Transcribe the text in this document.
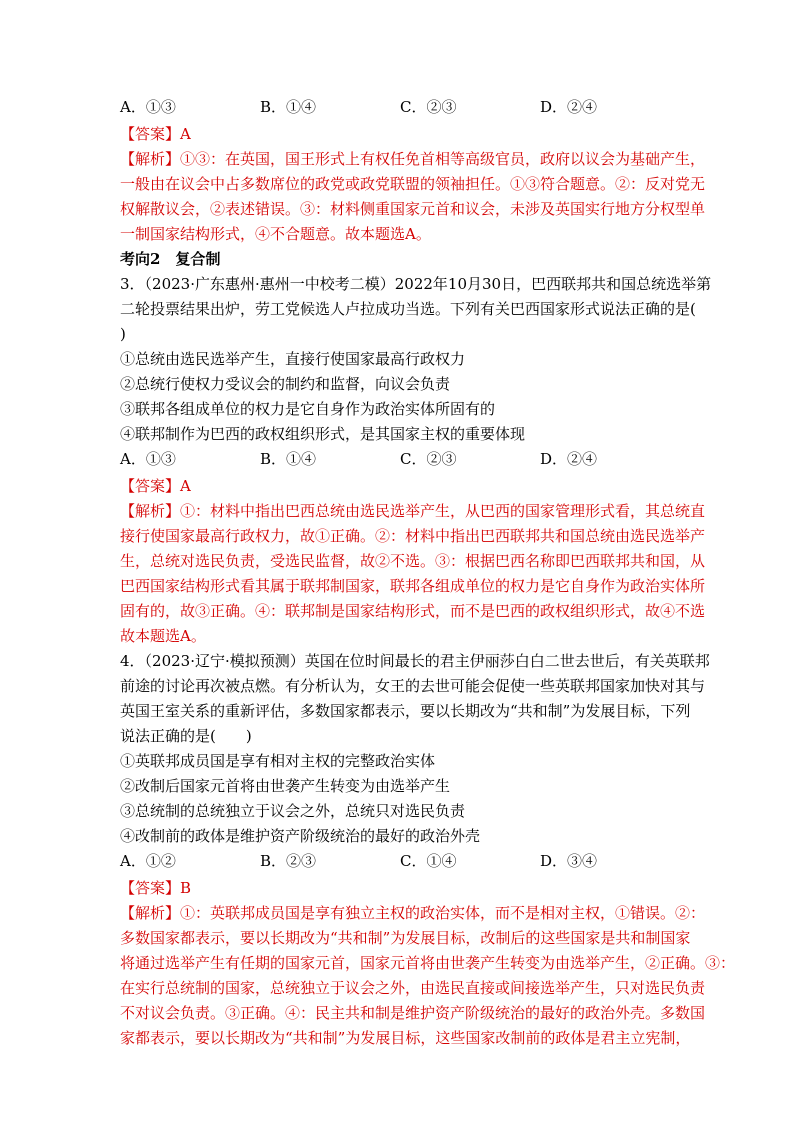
A．①③	B．①④	C．②③	D．②④
【答案】A
【解析】①③：在英国，国王形式上有权任免首相等高级官员，政府以议会为基础产生，
一般由在议会中占多数席位的政党或政党联盟的领袖担任。①③符合题意。②：反对党无
权解散议会，②表述错误。③：材料侧重国家元首和议会，未涉及英国实行地方分权型单
一制国家结构形式，④不合题意。故本题选A。
考向2　复合制
3．（2023·广东惠州·惠州一中校考二模）2022年10月30日，巴西联邦共和国总统选举第
二轮投票结果出炉，劳工党候选人卢拉成功当选。下列有关巴西国家形式说法正确的是(
)
①总统由选民选举产生，直接行使国家最高行政权力
②总统行使权力受议会的制约和监督，向议会负责
③联邦各组成单位的权力是它自身作为政治实体所固有的
④联邦制作为巴西的政权组织形式，是其国家主权的重要体现
A．①③	B．①④	C．②③	D．②④
【答案】A
【解析】①：材料中指出巴西总统由选民选举产生，从巴西的国家管理形式看，其总统直
接行使国家最高行政权力，故①正确。②：材料中指出巴西联邦共和国总统由选民选举产
生，总统对选民负责，受选民监督，故②不选。③：根据巴西名称即巴西联邦共和国，从
巴西国家结构形式看其属于联邦制国家，联邦各组成单位的权力是它自身作为政治实体所
固有的，故③正确。④：联邦制是国家结构形式，而不是巴西的政权组织形式，故④不选
故本题选A。
4．（2023·辽宁·模拟预测）英国在位时间最长的君主伊丽莎白白二世去世后，有关英联邦
前途的讨论再次被点燃。有分析认为，女王的去世可能会促使一些英联邦国家加快对其与
英国王室关系的重新评估，多数国家都表示，要以长期改为“共和制”为发展目标，下列
说法正确的是(　　)
①英联邦成员国是享有相对主权的完整政治实体
②改制后国家元首将由世袭产生转变为由选举产生
③总统制的总统独立于议会之外，总统只对选民负责
④改制前的政体是维护资产阶级统治的最好的政治外壳
A．①②	B．②③	C．①④	D．③④
【答案】B
【解析】①：英联邦成员国是享有独立主权的政治实体，而不是相对主权，①错误。②：
多数国家都表示，要以长期改为“共和制”为发展目标，改制后的这些国家是共和制国家
将通过选举产生有任期的国家元首，国家元首将由世袭产生转变为由选举产生，②正确。③：
在实行总统制的国家，总统独立于议会之外，由选民直接或间接选举产生，只对选民负责
不对议会负责。③正确。④：民主共和制是维护资产阶级统治的最好的政治外壳。多数国
家都表示，要以长期改为“共和制”为发展目标，这些国家改制前的政体是君主立宪制，
